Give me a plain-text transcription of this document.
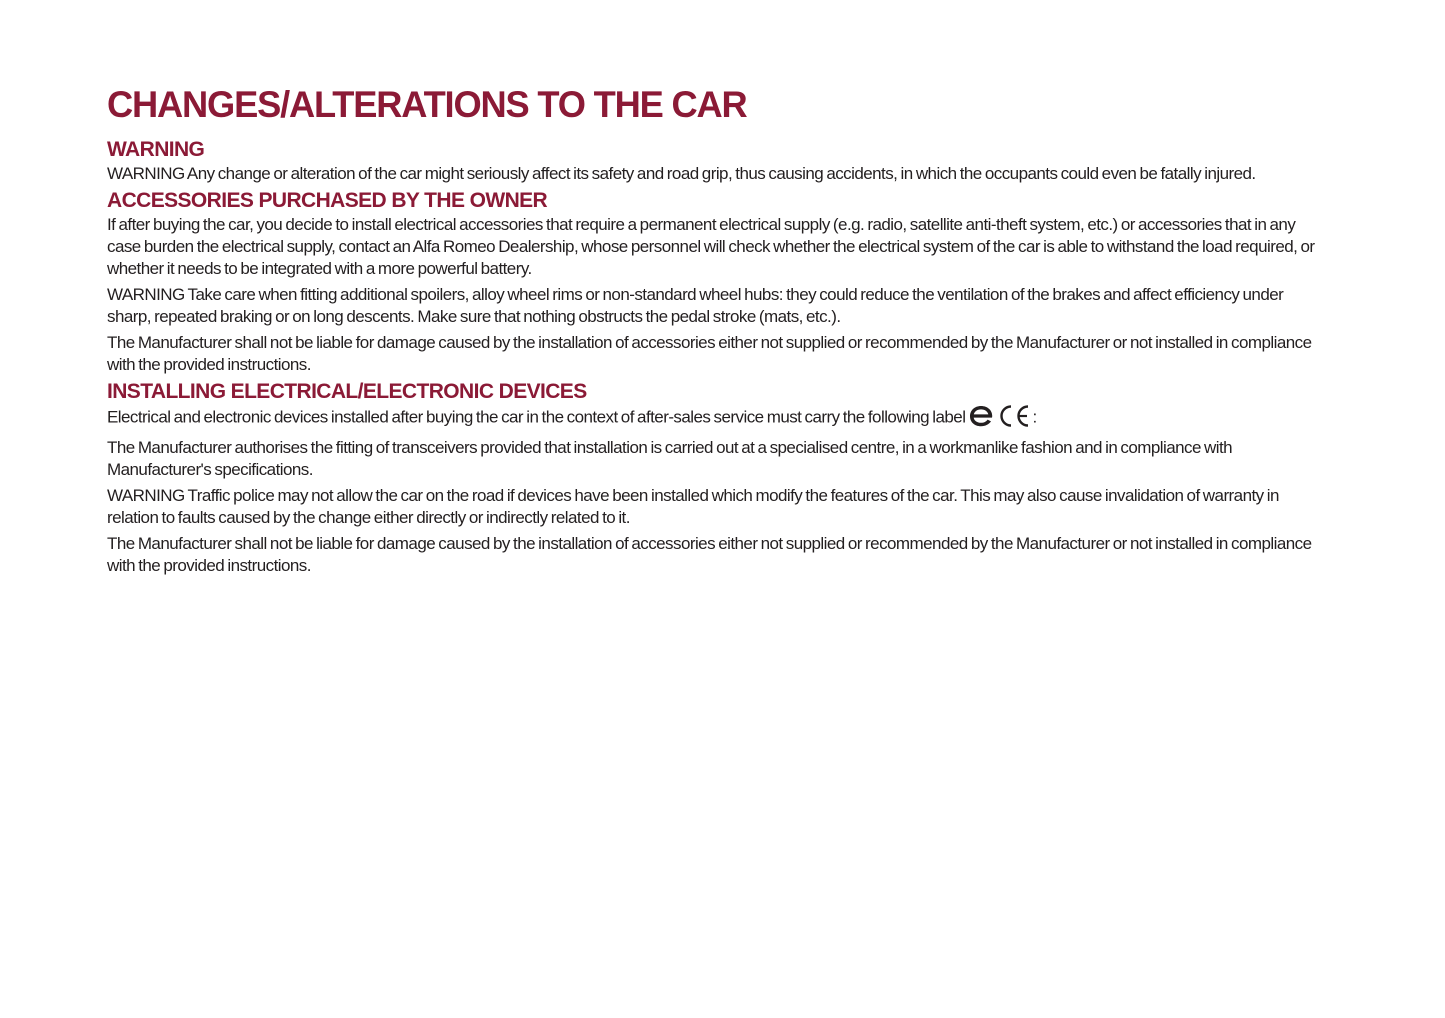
CHANGES/ALTERATIONS TO THE CAR
WARNING

WARNING Any change or alteration of the car might seriously affect its safety and road grip, thus causing accidents, in which the occupants could even be fatally injured.

ACCESSORIES PURCHASED BY THE OWNER

If after buying the car, you decide to install electrical accessories that require a permanent electrical supply (e.g. radio, satellite anti-theft system, etc.) or accessories that in any case burden the electrical supply, contact an Alfa Romeo Dealership, whose personnel will check whether the electrical system of the car is able to withstand the load required, or whether it needs to be integrated with a more powerful battery.

WARNING Take care when fitting additional spoilers, alloy wheel rims or non-standard wheel hubs: they could reduce the ventilation of the brakes and affect efficiency under sharp, repeated braking or on long descents. Make sure that nothing obstructs the pedal stroke (mats, etc.).

The Manufacturer shall not be liable for damage caused by the installation of accessories either not supplied or recommended by the Manufacturer or not installed in compliance with the provided instructions.

INSTALLING ELECTRICAL/ELECTRONIC DEVICES

Electrical and electronic devices installed after buying the car in the context of after-sales service must carry the following label	:

The Manufacturer authorises the fitting of transceivers provided that installation is carried out at a specialised centre, in a workmanlike fashion and in compliance with Manufacturer's specifications.

WARNING Traffic police may not allow the car on the road if devices have been installed which modify the features of the car. This may also cause invalidation of warranty in relation to faults caused by the change either directly or indirectly related to it.

The Manufacturer shall not be liable for damage caused by the installation of accessories either not supplied or recommended by the Manufacturer or not installed in compliance with the provided instructions.
